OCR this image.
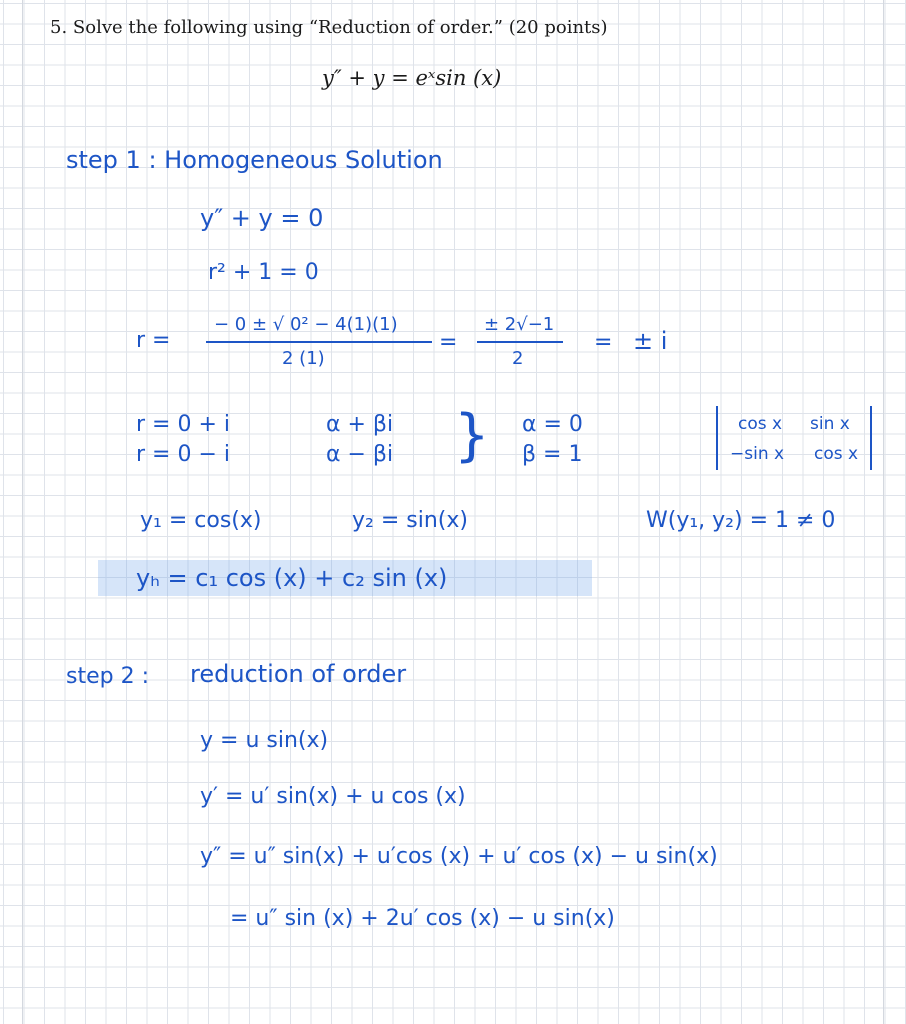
5. Solve the following using “Reduction of order.” (20 points)
y″ + y = eˣsin (x)
step 1 : Homogeneous Solution
y″ + y = 0
r² + 1 = 0
r =
− 0 ± √ 0² − 4(1)(1)
2 (1)
=
± 2√−1
2
= ± i
r = 0 + i
r = 0 − i
α + βi
α − βi } α = 0
β = 1
cos x sin x
−sin x cos x
y₁ = cos(x)	y₂ = sin(x)	W(y₁, y₂) = 1 ≠ 0
yₕ = c₁ cos (x) + c₂ sin (x)
step 2 : reduction of order
y = u sin(x)
y′ = u′ sin(x) + u cos (x)
y″ = u″ sin(x) + u′cos (x) + u′ cos (x) − u sin(x)
= u″ sin (x) + 2u′ cos (x) − u sin(x)
